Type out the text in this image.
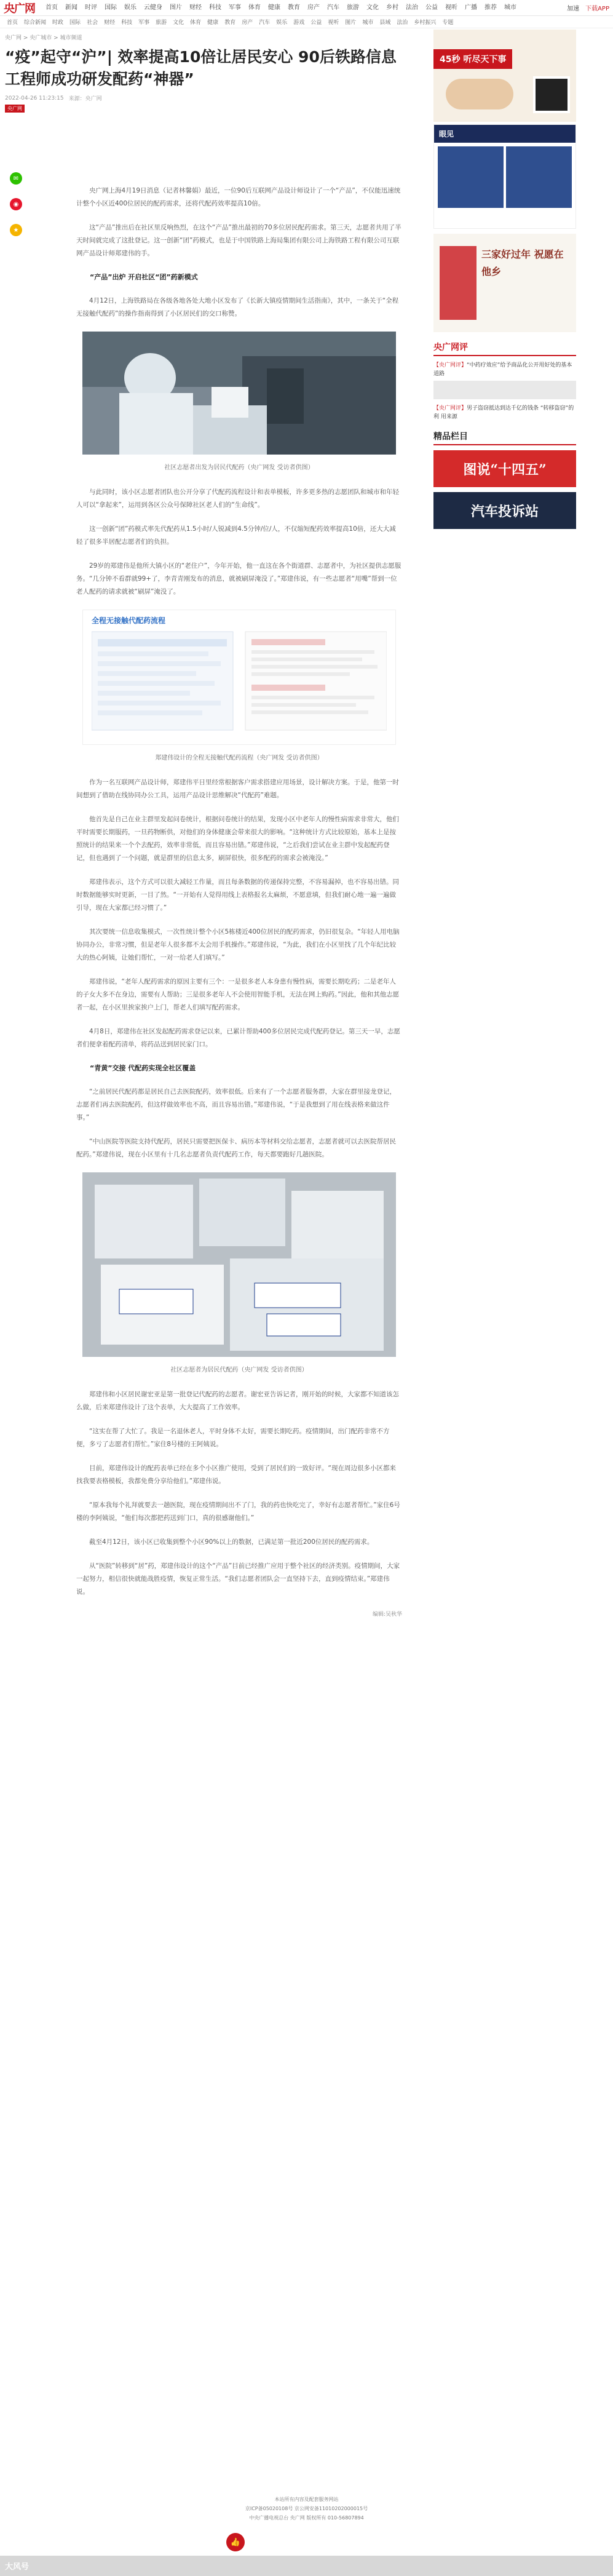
央广网	首页	新闻	时评	国际	娱乐	云健身	图片	财经	科技	军事	体育	健康	教育	房产	汽车	旅游	文化	乡村	法治	公益	视听	广播	推荐	城市	加速 下载APP
首页	综合新闻	时政	国际	社会	财经	科技	军事	旅游	文化	体育	健康	教育	房产	汽车	娱乐	游戏	公益	视听	图片	城市	县域	法治	乡村振兴	专题
央广网 > 央广城市 > 城市频道
“疫”起守“沪”| 效率提高10倍让居民安心 90后铁路信息工程师成功研发配药“神器”
2022-04-26 11:23:15 来源：央广网
央广网
✉
◉
★

央广网上海4月19日消息（记者林馨娟）最近，一位90后互联网产品设计师设计了一个“产品”，不仅能迅速统计整个小区近400位居民的配药需求，还将代配药效率提高10倍。

这“产品”推出后在社区里反响热烈，在这个“产品”推出最初的70多位居民配药需求。第三天，志愿者共用了半天时间就完成了这批登记。这一创新“团”药模式，也是于中国铁路上海局集团有限公司上海铁路工程有限公司互联网产品设计师郑建伟的手。

“产品”出炉 开启社区“团”药新模式

4月12日，上海铁路局在各级各地各处大地小区发布了《长新大镇疫情期间生活指南》，其中，一条关于“全程无接触代配药”的操作指南得到了小区居民们的交口称赞。

社区志愿者出发为居民代配药（央广网发 受访者供图）

与此同时，该小区志愿者团队也公开分享了代配药流程设计和表单模板，许多更多热的志愿团队和城市和年轻人可以“拿起来”，运用到各区公众号保障社区老人们的“生命线”。

这一创新“团”药模式率先代配药从1.5小时/人锐减到4.5分钟/位/人，不仅缩短配药效率提高10倍，还大大减轻了很多半居配志愿者们的负担。

29岁的郑建伟是他所大镇小区的“老住户”，今年开始，他一直这在各个街道群、志愿者中，为社区提供志愿服务。“几分钟不看群就99+了，李青青刚发布的消息，就被刷屏淹没了。”郑建伟说，有一些志愿者“用嘴”帮到一位老人配药的请求就被“刷屏”淹没了。

全程无接触代配药流程

郑建伟设计的全程无接触代配药流程（央广网发 受访者供图）

作为一名互联网产品设计师，郑建伟平日里经常根据客户需求搭建应用场景，设计解决方案。于是，他第一时间想到了借助在线协同办公工具，运用产品设计思维解决“代配药”难题。

他首先是自己在业主群里发起问卷统计，根据问卷统计的结果，发现小区中老年人的慢性病需求非常大，他们平时需要长期服药，一旦药物断供，对他们的身体健康会带来很大的影响。“这种统计方式比较原始，基本上是按照统计的结果来一个个去配药，效率非常低，而且容易出错。”郑建伟说，“之后我们尝试在业主群中发起配药登记，但也遇到了一个问题，就是群里的信息太多，刷屏很快，很多配药的需求会被淹没。”

郑建伟表示，这个方式可以很大减轻工作量，而且每条数据的传递保持完整，不容易漏掉，也不容易出错。同时数据能够实时更新，一目了然。“一开始有人觉得用线上表格报名太麻烦，不愿意填，但我们耐心地一遍一遍做引导，现在大家都已经习惯了。”

其次要统一信息收集模式，一次性统计整个小区5栋楼近400位居民的配药需求，仍旧很复杂。“年轻人用电脑协同办公，非常习惯，但是老年人很多都不太会用手机操作。”郑建伟说，“为此，我们在小区里找了几个年纪比较大的热心阿姨，让她们帮忙，一对一给老人们填写。”

郑建伟说，“老年人配药需求的原因主要有三个：一是很多老人本身患有慢性病，需要长期吃药；二是老年人的子女大多不在身边，需要有人帮助；三是很多老年人不会使用智能手机，无法在网上购药。”因此，他和其他志愿者一起，在小区里挨家挨户上门，帮老人们填写配药需求。

4月8日，郑建伟在社区发起配药需求登记以来，已累计帮助400多位居民完成代配药登记。第三天一早，志愿者们便拿着配药清单，将药品送到居民家门口。

“青黄”交接 代配药实现全社区覆盖

“之前居民代配药都是居民自己去医院配药，效率很低。后来有了一个志愿者服务群，大家在群里接龙登记，志愿者们再去医院配药，但这样做效率也不高，而且容易出错。”郑建伟说，“于是我想到了用在线表格来做这件事。”

“中山医院等医院支持代配药，居民只需要把医保卡、病历本等材料交给志愿者，志愿者就可以去医院帮居民配药。”郑建伟说，现在小区里有十几名志愿者负责代配药工作，每天都要跑好几趟医院。

社区志愿者为居民代配药（央广网发 受访者供图）

郑建伟和小区居民谢宏亚是第一批登记代配药的志愿者。谢宏亚告诉记者，刚开始的时候，大家都不知道该怎么做，后来郑建伟设计了这个表单，大大提高了工作效率。

“这实在帮了大忙了。我是一名退休老人，平时身体不太好，需要长期吃药。疫情期间，出门配药非常不方便，多亏了志愿者们帮忙。”家住8号楼的王阿姨说。

目前，郑建伟设计的配药表单已经在多个小区推广使用，受到了居民们的一致好评。“现在周边很多小区都来找我要表格模板，我都免费分享给他们。”郑建伟说。

“原本我每个礼拜就要去一趟医院，现在疫情期间出不了门，我的药也快吃完了，幸好有志愿者帮忙。”家住6号楼的李阿姨说，“他们每次都把药送到门口，真的很感谢他们。”

截至4月12日，该小区已收集到整个小区90%以上的数据，已满足第一批近200位居民的配药需求。

从“医院”转移到“居”药，郑建伟设计的这个“产品”目前已经推广应用于整个社区的经济类别。疫情期间，大家一起努力，相信很快就能战胜疫情，恢复正常生活。“我们志愿者团队会一直坚持下去，直到疫情结束。”郑建伟说。

编辑:吴秋华
45秒 听尽天下事
眼见
三家好过年 祝愿在他乡
央广网评
【央广网评】“中药疗效应”给予商品化公开用好处的基本道路
【央广网评】男子盗窃抵达到达千亿的钱条 “转移盗窃”的 利 用来源
精品栏目
图说“十四五”
汽车投诉站
本站所有内容及配套服务网站
京ICP备05020108号 京公网安备11010202000015号
中央广播电视总台 央广网 版权所有 010-56807894
👍
大风号
